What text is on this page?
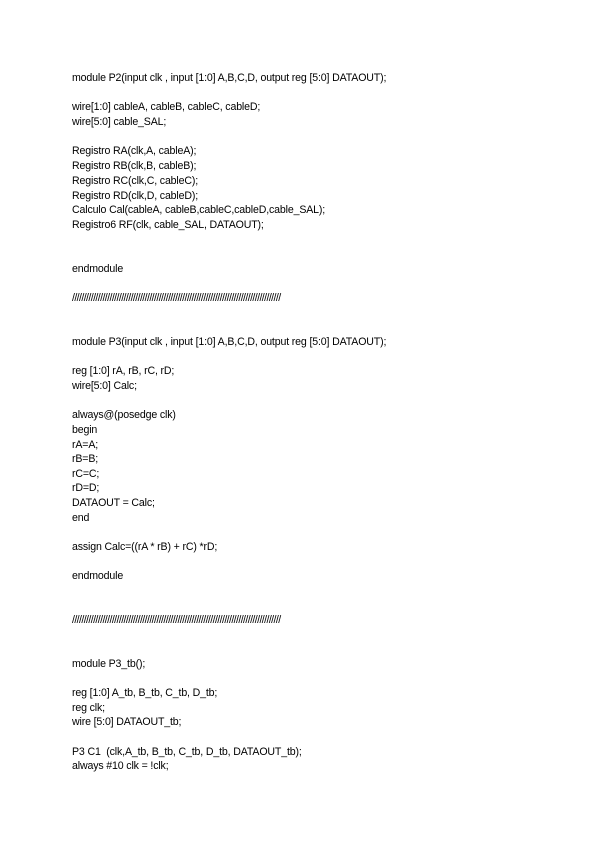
module P2(input clk , input [1:0] A,B,C,D, output reg [5:0] DATAOUT);
wire[1:0] cableA, cableB, cableC, cableD;
wire[5:0] cable_SAL;
Registro RA(clk,A, cableA);
Registro RB(clk,B, cableB);
Registro RC(clk,C, cableC);
Registro RD(clk,D, cableD);
Calculo Cal(cableA, cableB,cableC,cableD,cable_SAL);
Registro6 RF(clk, cable_SAL, DATAOUT);
endmodule
/////////////////////////////////////////////////////////////////////////////////////////
module P3(input clk , input [1:0] A,B,C,D, output reg [5:0] DATAOUT);
reg [1:0] rA, rB, rC, rD;
wire[5:0] Calc;
always@(posedge clk)
begin
rA=A;
rB=B;
rC=C;
rD=D;
DATAOUT = Calc;
end
assign Calc=((rA * rB) + rC) *rD;
endmodule
/////////////////////////////////////////////////////////////////////////////////////////
module P3_tb();
reg [1:0] A_tb, B_tb, C_tb, D_tb;
reg clk;
wire [5:0] DATAOUT_tb;
P3 C1  (clk,A_tb, B_tb, C_tb, D_tb, DATAOUT_tb);
always #10 clk = !clk;
